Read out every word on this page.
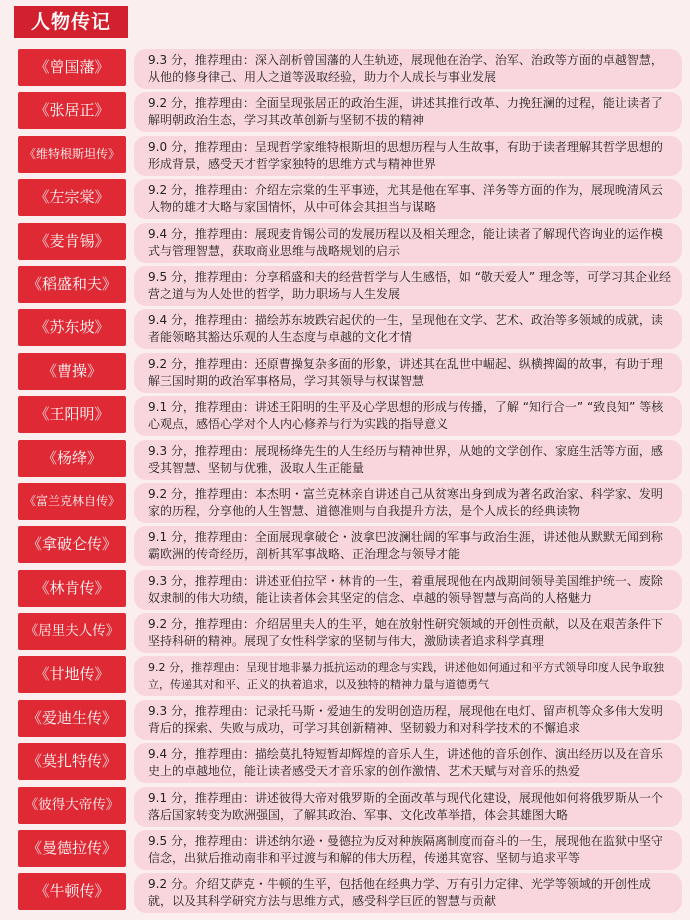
人物传记
《曾国藩》	9.3 分，推荐理由：深入剖析曾国藩的人生轨迹，展现他在治学、治军、治政等方面的卓越智慧，从他的修身律己、用人之道等汲取经验，助力个人成长与事业发展
《张居正》	9.2 分，推荐理由：全面呈现张居正的政治生涯，讲述其推行改革、力挽狂澜的过程，能让读者了解明朝政治生态，学习其改革创新与坚韧不拔的精神
《维特根斯坦传》	9.0 分，推荐理由：呈现哲学家维特根斯坦的思想历程与人生故事，有助于读者理解其哲学思想的形成背景，感受天才哲学家独特的思维方式与精神世界
《左宗棠》	9.2 分，推荐理由：介绍左宗棠的生平事迹，尤其是他在军事、洋务等方面的作为，展现晚清风云人物的雄才大略与家国情怀，从中可体会其担当与谋略
《麦肯锡》	9.4 分，推荐理由：展现麦肯锡公司的发展历程以及相关理念，能让读者了解现代咨询业的运作模式与管理智慧，获取商业思维与战略规划的启示
《稻盛和夫》	9.5 分，推荐理由：分享稻盛和夫的经营哲学与人生感悟，如 “敬天爱人” 理念等，可学习其企业经营之道与为人处世的哲学，助力职场与人生发展
《苏东坡》	9.4 分，推荐理由：描绘苏东坡跌宕起伏的一生，呈现他在文学、艺术、政治等多领域的成就，读者能领略其豁达乐观的人生态度与卓越的文化才情
《曹操》	9.2 分，推荐理由：还原曹操复杂多面的形象，讲述其在乱世中崛起、纵横捭阖的故事，有助于理解三国时期的政治军事格局，学习其领导与权谋智慧
《王阳明》	9.1 分，推荐理由：讲述王阳明的生平及心学思想的形成与传播，了解 “知行合一” “致良知” 等核心观点，感悟心学对个人内心修养与行为实践的指导意义
《杨绛》	9.3 分，推荐理由：展现杨绛先生的人生经历与精神世界，从她的文学创作、家庭生活等方面，感受其智慧、坚韧与优雅，汲取人生正能量
《富兰克林自传》	9.2 分，推荐理由：本杰明・富兰克林亲自讲述自己从贫寒出身到成为著名政治家、科学家、发明家的历程，分享他的人生智慧、道德准则与自我提升方法，是个人成长的经典读物
《拿破仑传》	9.1 分，推荐理由：全面展现拿破仑・波拿巴波澜壮阔的军事与政治生涯，讲述他从默默无闻到称霸欧洲的传奇经历，剖析其军事战略、正治理念与领导才能
《林肯传》	9.3 分，推荐理由：讲述亚伯拉罕・林肯的一生，着重展现他在内战期间领导美国维护统一、废除奴隶制的伟大功绩，能让读者体会其坚定的信念、卓越的领导智慧与高尚的人格魅力
《居里夫人传》	9.2 分，推荐理由：介绍居里夫人的生平，她在放射性研究领域的开创性贡献，以及在艰苦条件下坚持科研的精神。展现了女性科学家的坚韧与伟大，激励读者追求科学真理
《甘地传》	9.2 分，推荐理由：呈现甘地非暴力抵抗运动的理念与实践，讲述他如何通过和平方式领导印度人民争取独立，传递其对和平、正义的执着追求，以及独特的精神力量与道德勇气
《爱迪生传》	9.3 分，推荐理由：记录托马斯・爱迪生的发明创造历程，展现他在电灯、留声机等众多伟大发明背后的探索、失败与成功，可学习其创新精神、坚韧毅力和对科学技术的不懈追求
《莫扎特传》	9.4 分，推荐理由：描绘莫扎特短暂却辉煌的音乐人生，讲述他的音乐创作、演出经历以及在音乐史上的卓越地位，能让读者感受天才音乐家的创作激情、艺术天赋与对音乐的热爱
《彼得大帝传》	9.1 分，推荐理由：讲述彼得大帝对俄罗斯的全面改革与现代化建设，展现他如何将俄罗斯从一个落后国家转变为欧洲强国，了解其政治、军事、文化改革举措，体会其雄图大略
《曼德拉传》	9.5 分，推荐理由：讲述纳尔逊・曼德拉为反对种族隔离制度而奋斗的一生，展现他在监狱中坚守信念，出狱后推动南非和平过渡与和解的伟大历程，传递其宽容、坚韧与追求平等
《牛顿传》	9.2 分。介绍艾萨克・牛顿的生平，包括他在经典力学、万有引力定律、光学等领域的开创性成就，以及其科学研究方法与思维方式，感受科学巨匠的智慧与贡献
